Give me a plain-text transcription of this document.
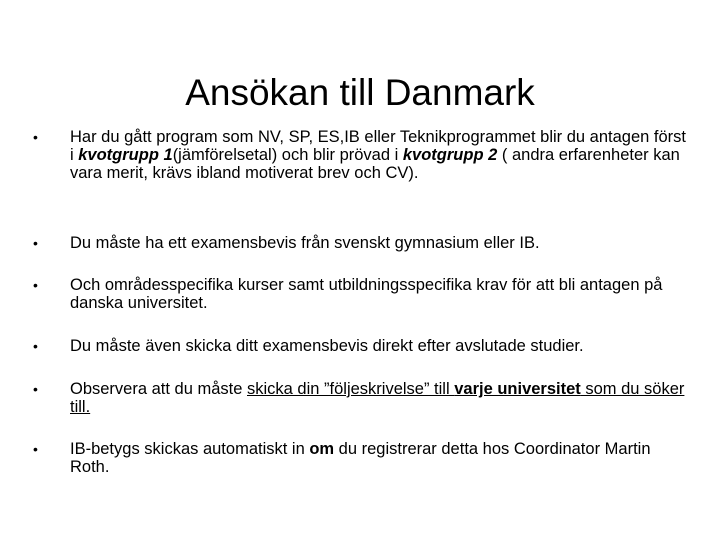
Ansökan till Danmark
• Har du gått program som NV, SP, ES,IB eller Teknikprogrammet blir du antagen först i kvotgrupp 1(jämförelsetal) och blir prövad i kvotgrupp 2 ( andra erfarenheter kan vara merit, krävs ibland motiverat brev och CV).
• Du måste ha ett examensbevis från svenskt gymnasium eller IB.
• Och områdesspecifika kurser samt utbildningsspecifika krav för att bli antagen på danska universitet.
• Du måste även skicka ditt examensbevis direkt efter avslutade studier.
• Observera att du måste skicka din ”följeskrivelse” till varje universitet som du söker till.
• IB-betygs skickas automatiskt in om du registrerar detta hos Coordinator Martin Roth.
